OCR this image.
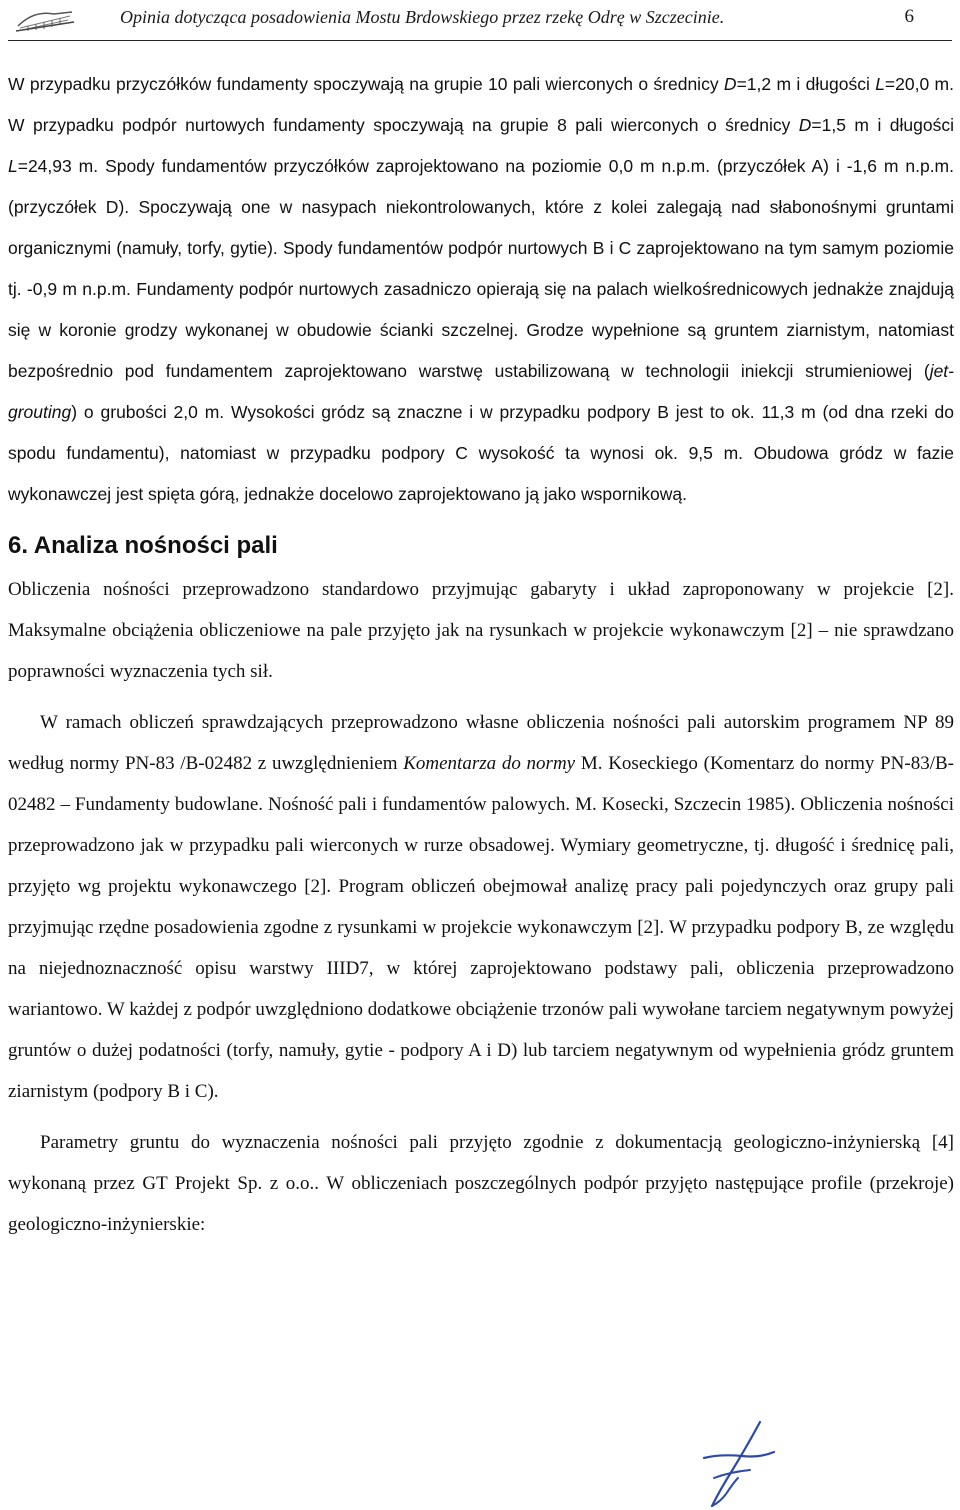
Opinia dotycząca posadowienia Mostu Brdowskiego przez rzekę Odrę w Szczecinie.	6

W przypadku przyczółków fundamenty spoczywają na grupie 10 pali wierconych o średnicy D=1,2 m i długości L=20,0 m. W przypadku podpór nurtowych fundamenty spoczywają na grupie 8 pali wierconych o średnicy D=1,5 m i długości L=24,93 m. Spody fundamentów przyczółków zaprojektowano na poziomie 0,0 m n.p.m. (przyczółek A) i -1,6 m n.p.m. (przyczółek D). Spoczywają one w nasypach niekontrolowanych, które z kolei zalegają nad słabonośnymi gruntami organicznymi (namuły, torfy, gytie). Spody fundamentów podpór nurtowych B i C zaprojektowano na tym samym poziomie tj. -0,9 m n.p.m. Fundamenty podpór nurtowych zasadniczo opierają się na palach wielkośrednicowych jednakże znajdują się w koronie grodzy wykonanej w obudowie ścianki szczelnej. Grodze wypełnione są gruntem ziarnistym, natomiast bezpośrednio pod fundamentem zaprojektowano warstwę ustabilizowaną w technologii iniekcji strumieniowej (jet-grouting) o grubości 2,0 m. Wysokości gródz są znaczne i w przypadku podpory B jest to ok. 11,3 m (od dna rzeki do spodu fundamentu), natomiast w przypadku podpory C wysokość ta wynosi ok. 9,5 m. Obudowa gródz w fazie wykonawczej jest spięta górą, jednakże docelowo zaprojektowano ją jako wspornikową.

6. Analiza nośności pali

Obliczenia nośności przeprowadzono standardowo przyjmując gabaryty i układ zaproponowany w projekcie [2]. Maksymalne obciążenia obliczeniowe na pale przyjęto jak na rysunkach w projekcie wykonawczym [2] – nie sprawdzano poprawności wyznaczenia tych sił.

W ramach obliczeń sprawdzających przeprowadzono własne obliczenia nośności pali autorskim programem NP 89 według normy PN-83 /B-02482 z uwzględnieniem Komentarza do normy M. Koseckiego (Komentarz do normy PN-83/B-02482 – Fundamenty budowlane. Nośność pali i fundamentów palowych. M. Kosecki, Szczecin 1985). Obliczenia nośności przeprowadzono jak w przypadku pali wierconych w rurze obsadowej. Wymiary geometryczne, tj. długość i średnicę pali, przyjęto wg projektu wykonawczego [2]. Program obliczeń obejmował analizę pracy pali pojedynczych oraz grupy pali przyjmując rzędne posadowienia zgodne z rysunkami w projekcie wykonawczym [2]. W przypadku podpory B, ze względu na niejednoznaczność opisu warstwy IIID7, w której zaprojektowano podstawy pali, obliczenia przeprowadzono wariantowo. W każdej z podpór uwzględniono dodatkowe obciążenie trzonów pali wywołane tarciem negatywnym powyżej gruntów o dużej podatności (torfy, namuły, gytie - podpory A i D) lub tarciem negatywnym od wypełnienia gródz gruntem ziarnistym (podpory B i C).

Parametry gruntu do wyznaczenia nośności pali przyjęto zgodnie z dokumentacją geologiczno-inżynierską [4] wykonaną przez GT Projekt Sp. z o.o.. W obliczeniach poszczególnych podpór przyjęto następujące profile (przekroje) geologiczno-inżynierskie:
